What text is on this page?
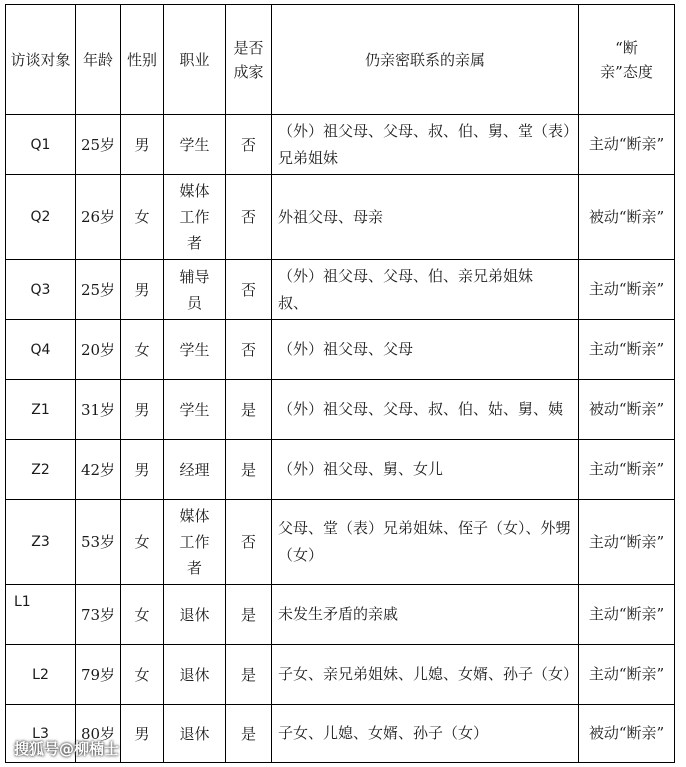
访谈对象	年龄	性别	职业	是否成家	仍亲密联系的亲属	“断亲”态度
Q1	25岁	男	学生	否	（外）祖父母、父母、叔、伯、舅、堂（表）兄弟姐妹	主动“断亲”
Q2	26岁	女	媒体工作者	否	外祖父母、母亲	被动“断亲”
Q3	25岁	男	辅导员	否	（外）祖父母、父母、伯、亲兄弟姐妹　　　　叔、	主动“断亲”
Q4	20岁	女	学生	否	（外）祖父母、父母	主动“断亲”
Z1	31岁	男	学生	是	（外）祖父母、父母、叔、伯、姑、舅、姨	被动“断亲”
Z2	42岁	男	经理	是	（外）祖父母、舅、女儿	主动“断亲”
Z3	53岁	女	媒体工作者	否	父母、堂（表）兄弟姐妹、侄子（女）、外甥（女）	主动“断亲”
L1	73岁	女	退休	是	未发生矛盾的亲戚	主动“断亲”
L2	79岁	女	退休	是	子女、亲兄弟姐妹、儿媳、女婿、孙子（女）	主动“断亲”
L3	80岁	男	退休	是	子女、儿媳、女婿、孙子（女）	被动“断亲”
搜狐号@柳楠士
